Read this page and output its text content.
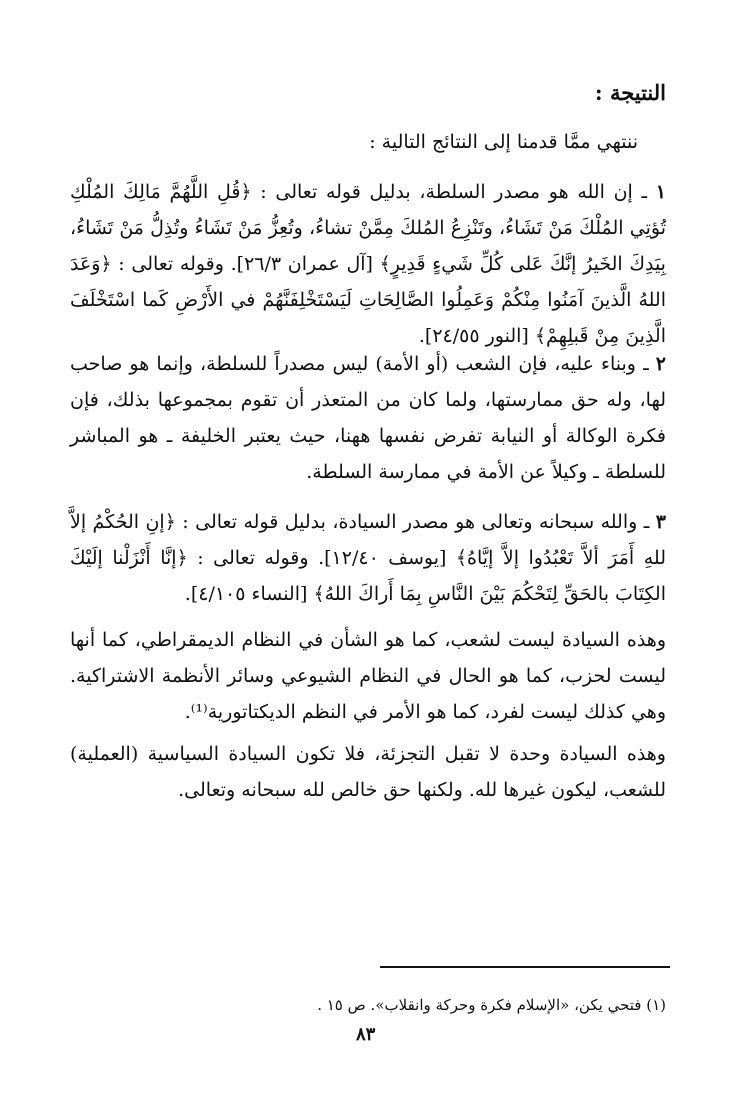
النتيجة :

ننتهي ممَّا قدمنا إلى النتائج التالية :

١ ـ إن الله هو مصدر السلطة، بدليل قوله تعالى : ﴿قُلِ اللَّهُمَّ مَالِكَ المُلْكِ تُؤتِي المُلْكَ مَنْ تَشَاءُ، وتَنْزِعُ المُلكَ مِمَّنْ تشاءُ، وتُعِزُّ مَنْ تَشَاءُ وتُذِلُّ مَنْ تَشَاءُ، بِيَدِكَ الخَيرُ إنَّكَ عَلى كُلِّ شَيءٍ قَدِيرٍ﴾ [آل عمران ٢٦/٣]. وقوله تعالى : ﴿وَعَدَ اللهُ الَّذينَ آمَنُوا مِنْكُمْ وَعَمِلُوا الصَّالِحَاتِ لَيَسْتَخْلِفَنَّهُمْ في الأَرْضِ كَما اسْتَخْلَفَ الَّذِينَ مِنْ قَبلِهِمْ﴾ [النور ٢٤/٥٥].
٢ ـ وبناء عليه، فإن الشعب (أو الأمة) ليس مصدراً للسلطة، وإنما هو صاحب لها، وله حق ممارستها، ولما كان من المتعذر أن تقوم بمجموعها بذلك، فإن فكرة الوكالة أو النيابة تفرض نفسها ههنا، حيث يعتبر الخليفة ـ هو المباشر للسلطة ـ وكيلاً عن الأمة في ممارسة السلطة.
٣ ـ والله سبحانه وتعالى هو مصدر السيادة، بدليل قوله تعالى : ﴿إنِ الحُكْمُ إلاَّ للهِ أَمَرَ ألاَّ تَعْبُدُوا إلاَّ إيَّاهُ﴾ [يوسف ١٢/٤٠]. وقوله تعالى : ﴿إنَّا أَنْزَلْنا إلَيْكَ الكِتَابَ بالحَقِّ لِتَحْكُمَ بَيْنَ النَّاسِ بِمَا أَراكَ اللهُ﴾ [النساء ٤/١٠٥].

وهذه السيادة ليست لشعب، كما هو الشأن في النظام الديمقراطي، كما أنها ليست لحزب، كما هو الحال في النظام الشيوعي وسائر الأنظمة الاشتراكية. وهي كذلك ليست لفرد، كما هو الأمر في النظم الديكتاتورية⁽¹⁾.

وهذه السيادة وحدة لا تقبل التجزئة، فلا تكون السيادة السياسية (العملية) للشعب، ليكون غيرها لله. ولكنها حق خالص لله سبحانه وتعالى.

(١) فتحي يكن، «الإسلام فكرة وحركة وانقلاب». ص ١٥ .

٨٣
